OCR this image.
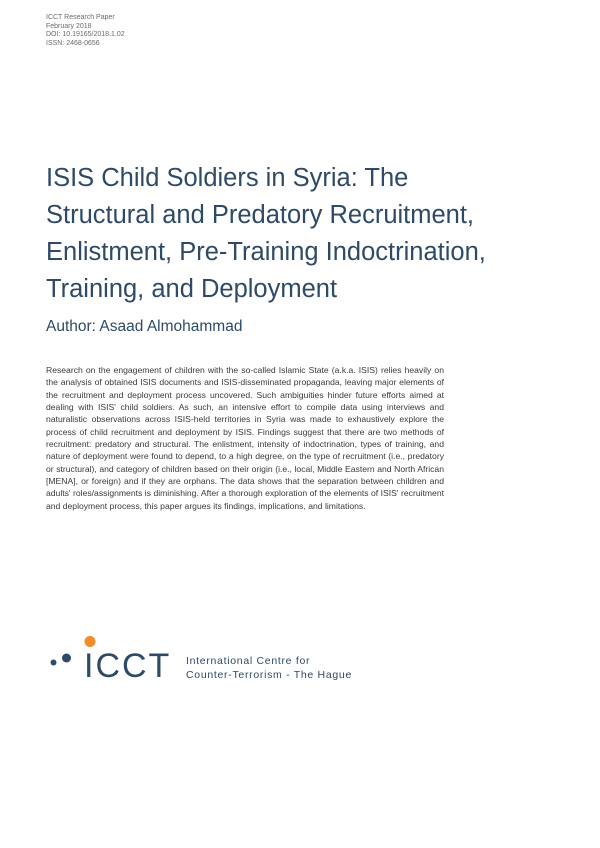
ICCT Research Paper
February 2018
DOI: 10.19165/2018.1.02
ISSN: 2468-0656
ISIS Child Soldiers in Syria: The
Structural and Predatory Recruitment,
Enlistment, Pre-Training Indoctrination,
Training, and Deployment
Author: Asaad Almohammad

Research on the engagement of children with the so-called Islamic State (a.k.a. ISIS) relies heavily on the analysis of obtained ISIS documents and ISIS-disseminated propaganda, leaving major elements of the recruitment and deployment process uncovered. Such ambiguities hinder future efforts aimed at dealing with ISIS' child soldiers. As such, an intensive effort to compile data using interviews and naturalistic observations across ISIS-held territories in Syria was made to exhaustively explore the process of child recruitment and deployment by ISIS. Findings suggest that there are two methods of recruitment: predatory and structural. The enlistment, intensity of indoctrination, types of training, and nature of deployment were found to depend, to a high degree, on the type of recruitment (i.e., predatory or structural), and category of children based on their origin (i.e., local, Middle Eastern and North African [MENA], or foreign) and if they are orphans. The data shows that the separation between children and adults' roles/assignments is diminishing. After a thorough exploration of the elements of ISIS' recruitment and deployment process, this paper argues its findings, implications, and limitations.

ICCT International Centre for
Counter-Terrorism - The Hague
